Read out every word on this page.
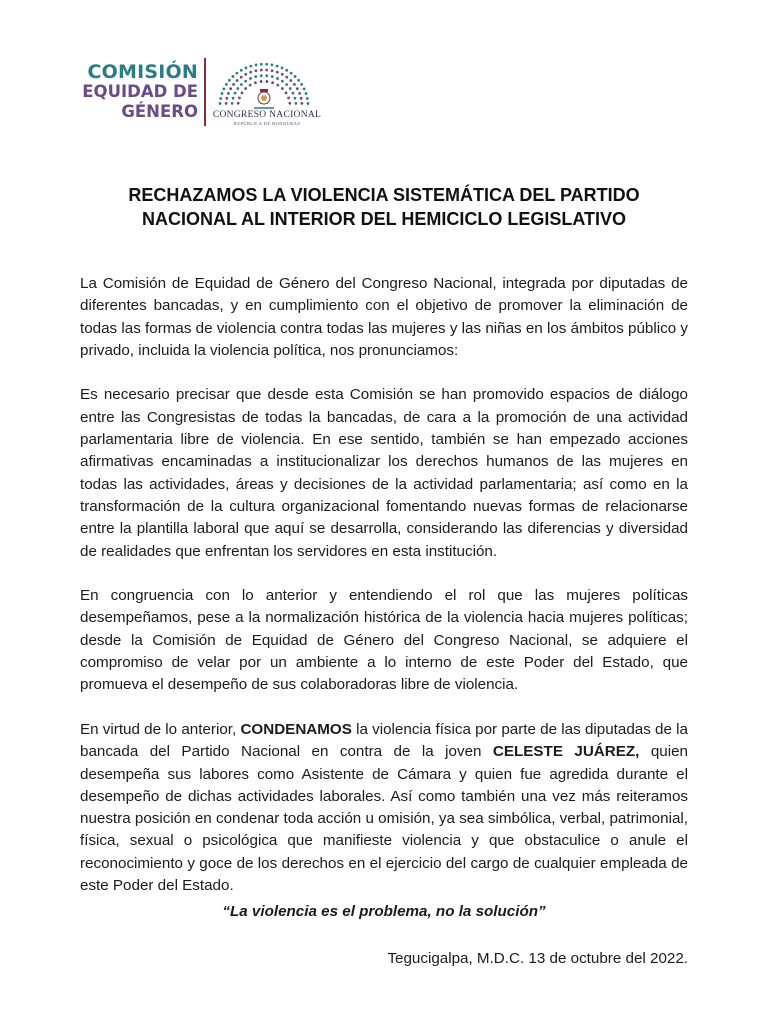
COMISIÓN
EQUIDAD DE
GÉNERO CONGRESO NACIONAL
REPÚBLICA DE HONDURAS
RECHAZAMOS LA VIOLENCIA SISTEMÁTICA DEL PARTIDO NACIONAL AL INTERIOR DEL HEMICICLO LEGISLATIVO

La Comisión de Equidad de Género del Congreso Nacional, integrada por diputadas de diferentes bancadas, y en cumplimiento con el objetivo de promover la eliminación de todas las formas de violencia contra todas las mujeres y las niñas en los ámbitos público y privado, incluida la violencia política, nos pronunciamos:

Es necesario precisar que desde esta Comisión se han promovido espacios de diálogo entre las Congresistas de todas la bancadas, de cara a la promoción de una actividad parlamentaria libre de violencia. En ese sentido, también se han empezado acciones afirmativas encaminadas a institucionalizar los derechos humanos de las mujeres en todas las actividades, áreas y decisiones de la actividad parlamentaria; así como en la transformación de la cultura organizacional fomentando nuevas formas de relacionarse entre la plantilla laboral que aquí se desarrolla, considerando las diferencias y diversidad de realidades que enfrentan los servidores en esta institución.

En congruencia con lo anterior y entendiendo el rol que las mujeres políticas desempeñamos, pese a la normalización histórica de la violencia hacia mujeres políticas; desde la Comisión de Equidad de Género del Congreso Nacional, se adquiere el compromiso de velar por un ambiente a lo interno de este Poder del Estado, que promueva el desempeño de sus colaboradoras libre de violencia.

En virtud de lo anterior, CONDENAMOS la violencia física por parte de las diputadas de la bancada del Partido Nacional en contra de la joven CELESTE JUÁREZ, quien desempeña sus labores como Asistente de Cámara y quien fue agredida durante el desempeño de dichas actividades laborales. Así como también una vez más reiteramos nuestra posición en condenar toda acción u omisión, ya sea simbólica, verbal, patrimonial, física, sexual o psicológica que manifieste violencia y que obstaculice o anule el reconocimiento y goce de los derechos en el ejercicio del cargo de cualquier empleada de este Poder del Estado.

“La violencia es el problema, no la solución”
Tegucigalpa, M.D.C. 13 de octubre del 2022.
